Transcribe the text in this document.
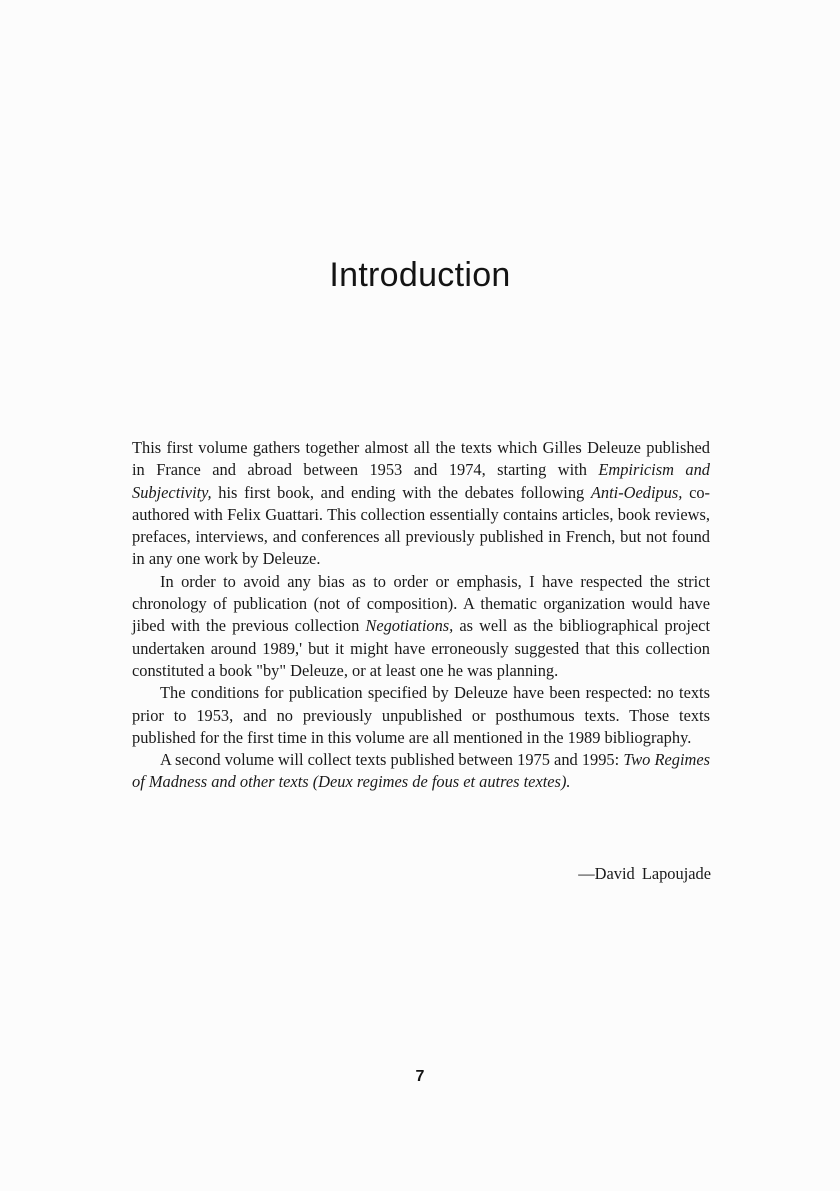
Introduction

This first volume gathers together almost all the texts which Gilles Deleuze published in France and abroad between 1953 and 1974, starting with Empiricism and Subjectivity, his first book, and ending with the debates following Anti-Oedipus, co-authored with Felix Guattari. This collection essentially contains articles, book reviews, prefaces, interviews, and conferences all previously published in French, but not found in any one work by Deleuze.

In order to avoid any bias as to order or emphasis, I have respected the strict chronology of publication (not of composition). A thematic organization would have jibed with the previous collection Negotiations, as well as the bibliographical project undertaken around 1989,' but it might have erroneously suggested that this collection constituted a book "by" Deleuze, or at least one he was planning.

The conditions for publication specified by Deleuze have been respected: no texts prior to 1953, and no previously unpublished or posthumous texts. Those texts published for the first time in this volume are all mentioned in the 1989 bibliography.

A second volume will collect texts published between 1975 and 1995: Two Regimes of Madness and other texts (Deux regimes de fous et autres textes).

—David Lapoujade
7
